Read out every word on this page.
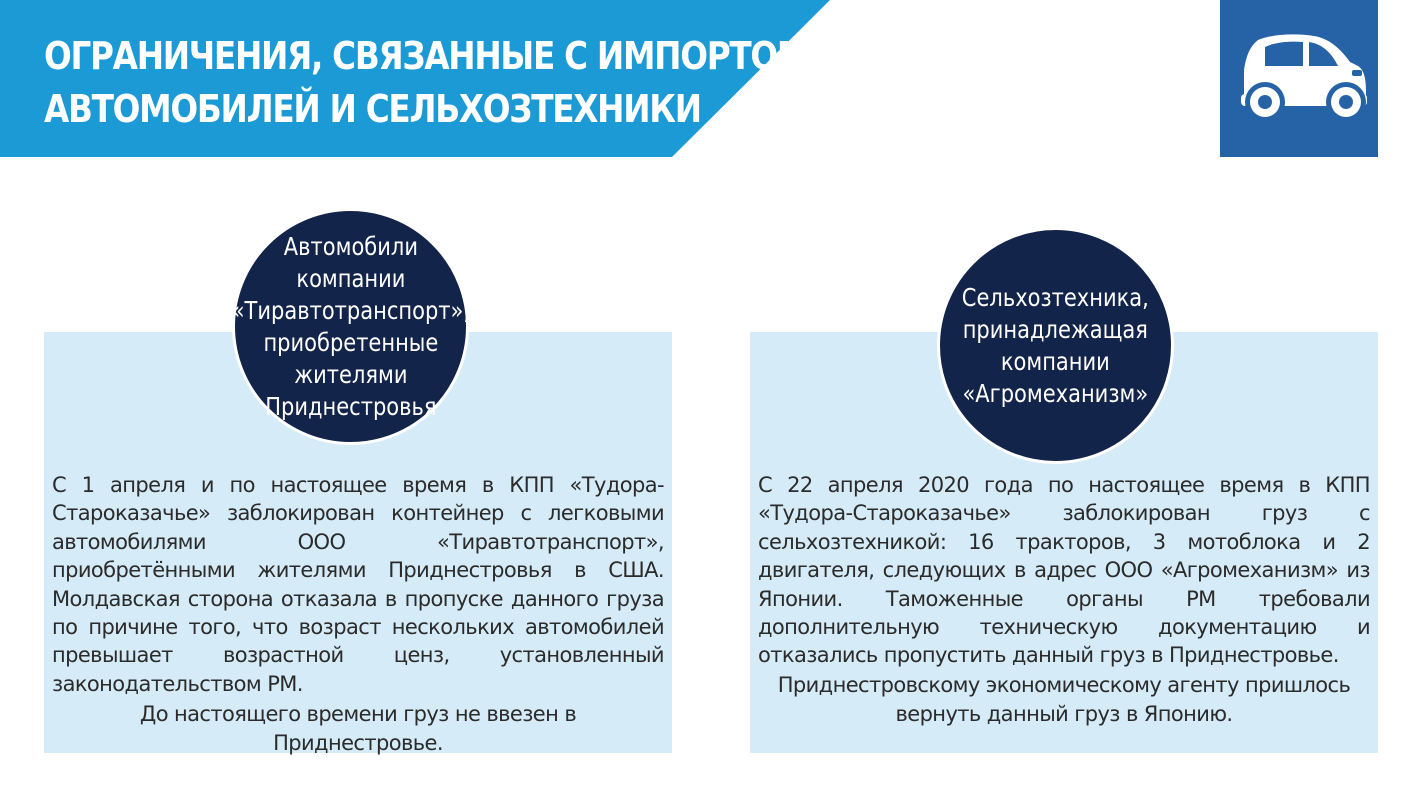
ОГРАНИЧЕНИЯ, СВЯЗАННЫЕ С ИМПОРТОМ
АВТОМОБИЛЕЙ И СЕЛЬХОЗТЕХНИКИ

Автомобили
компании
«Тиравтотранспорт»,
приобретенные
жителями
Приднестровья

Сельхозтехника,
принадлежащая
компании
«Агромеханизм»

С 1 апреля и по настоящее время в КПП «Тудора-Староказачье» заблокирован контейнер с легковыми автомобилями ООО «Тиравтотранспорт», приобретёнными жителями Приднестровья в США. Молдавская сторона отказала в пропуске данного груза по причине того, что возраст нескольких автомобилей превышает возрастной ценз, установленный законодательством РМ.

До настоящего времени груз не ввезен в Приднестровье.

С 22 апреля 2020 года по настоящее время в КПП «Тудора-Староказачье» заблокирован груз с сельхозтехникой: 16 тракторов, 3 мотоблока и 2 двигателя, следующих в адрес ООО «Агромеханизм» из Японии. Таможенные органы РМ требовали дополнительную техническую документацию и отказались пропустить данный груз в Приднестровье.

Приднестровскому экономическому агенту пришлось вернуть данный груз в Японию.
